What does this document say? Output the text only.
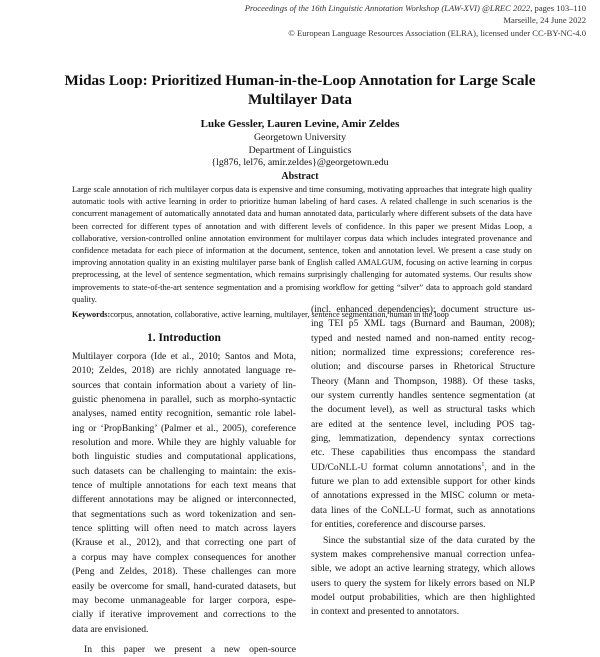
Proceedings of the 16th Linguistic Annotation Workshop (LAW-XVI) @LREC 2022, pages 103–110
Marseille, 24 June 2022
© European Language Resources Association (ELRA), licensed under CC-BY-NC-4.0
Midas Loop: Prioritized Human-in-the-Loop Annotation for Large Scale Multilayer Data
Luke Gessler, Lauren Levine, Amir Zeldes
Georgetown University
Department of Linguistics
{lg876, lel76, amir.zeldes}@georgetown.edu
Abstract
Large scale annotation of rich multilayer corpus data is expensive and time consuming, motivating approaches that integrate high quality automatic tools with active learning in order to prioritize human labeling of hard cases. A related challenge in such scenarios is the concurrent management of automatically annotated data and human annotated data, particularly where different subsets of the data have been corrected for different types of annotation and with different levels of confidence. In this paper we present Midas Loop, a collaborative, version-controlled online annotation environment for multilayer corpus data which includes integrated provenance and confidence metadata for each piece of information at the document, sentence, token and annotation level. We present a case study on improving annotation quality in an existing multilayer parse bank of English called AMALGUM, focusing on active learning in corpus preprocessing, at the level of sentence segmentation, which remains surprisingly challenging for automated systems. Our results show improvements to state-of-the-art sentence segmentation and a promising workflow for getting “silver” data to approach gold standard quality.
Keywords:corpus, annotation, collaborative, active learning, multilayer, sentence segmentation, human in the loop
1. Introduction
Multilayer corpora (Ide et al., 2010; Santos and Mota,
2010; Zeldes, 2018) are richly annotated language re-
sources that contain information about a variety of lin-
guistic phenomena in parallel, such as morpho-syntactic
analyses, named entity recognition, semantic role label-
ing or ‘PropBanking’ (Palmer et al., 2005), coreference
resolution and more. While they are highly valuable for
both linguistic studies and computational applications,
such datasets can be challenging to maintain: the exis-
tence of multiple annotations for each text means that
different annotations may be aligned or interconnected,
that segmentations such as word tokenization and sen-
tence splitting will often need to match across layers
(Krause et al., 2012), and that correcting one part of
a corpus may have complex consequences for another
(Peng and Zeldes, 2018). These challenges can more
easily be overcome for small, hand-curated datasets, but
may become unmanageable for larger corpora, espe-
cially if iterative improvement and corrections to the
data are envisioned.
In this paper we present a new open-source
(incl. enhanced dependencies); document structure us-
ing TEI p5 XML tags (Burnard and Bauman, 2008);
typed and nested named and non-named entity recog-
nition; normalized time expressions; coreference res-
olution; and discourse parses in Rhetorical Structure
Theory (Mann and Thompson, 1988). Of these tasks,
our system currently handles sentence segmentation (at
the document level), as well as structural tasks which
are edited at the sentence level, including POS tag-
ging, lemmatization, dependency syntax corrections
etc. These capabilities thus encompass the standard
UD/CoNLL-U format column annotations$^1$, and in the
future we plan to add extensible support for other kinds
of annotations expressed in the MISC column or meta-
data lines of the CoNLL-U format, such as annotations
for entities, coreference and discourse parses.
Since the substantial size of the data curated by the
system makes comprehensive manual correction unfea-
sible, we adopt an active learning strategy, which allows
users to query the system for likely errors based on NLP
model output probabilities, which are then highlighted
in context and presented to annotators.
